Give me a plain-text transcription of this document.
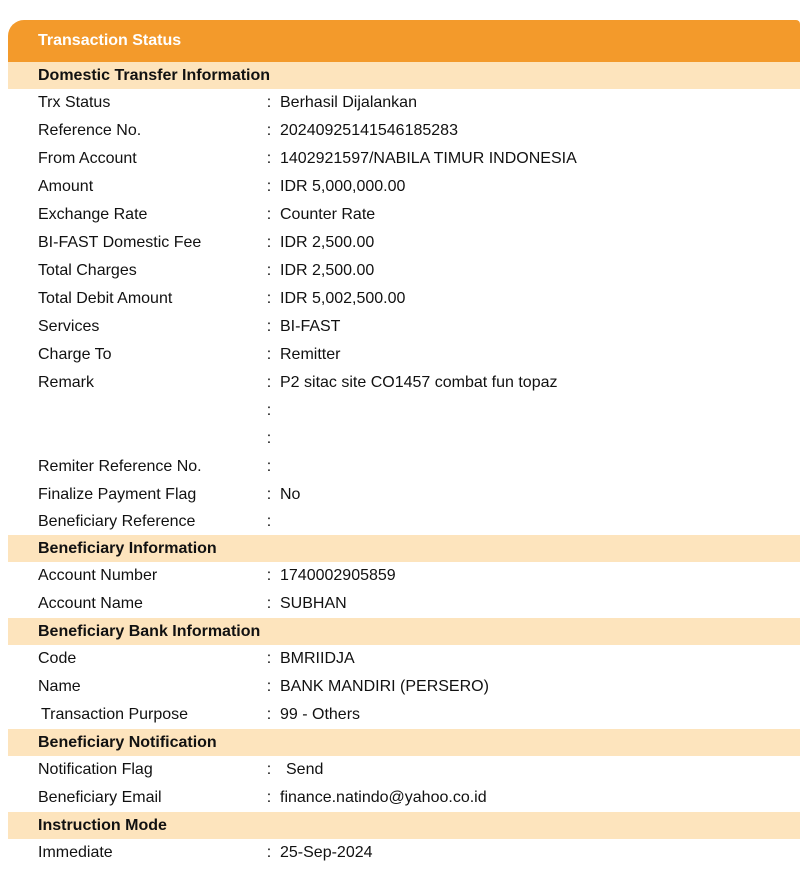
Transaction Status
Domestic Transfer Information
Trx Status	: Berhasil Dijalankan
Reference No.	: 20240925141546185283
From Account	: 1402921597/NABILA TIMUR INDONESIA
Amount	: IDR 5,000,000.00
Exchange Rate	: Counter Rate
BI-FAST Domestic Fee	: IDR 2,500.00
Total Charges	: IDR 2,500.00
Total Debit Amount	: IDR 5,002,500.00
Services	: BI-FAST
Charge To	: Remitter
Remark	: P2 sitac site CO1457 combat fun topaz
:
:
Remiter Reference No.	:
Finalize Payment Flag	: No
Beneficiary Reference	:
Beneficiary Information
Account Number	: 1740002905859
Account Name	: SUBHAN
Beneficiary Bank Information
Code	: BMRIIDJA
Name	: BANK MANDIRI (PERSERO)
Transaction Purpose	: 99 - Others
Beneficiary Notification
Notification Flag	: Send
Beneficiary Email	: finance.natindo@yahoo.co.id
Instruction Mode
Immediate	: 25-Sep-2024
